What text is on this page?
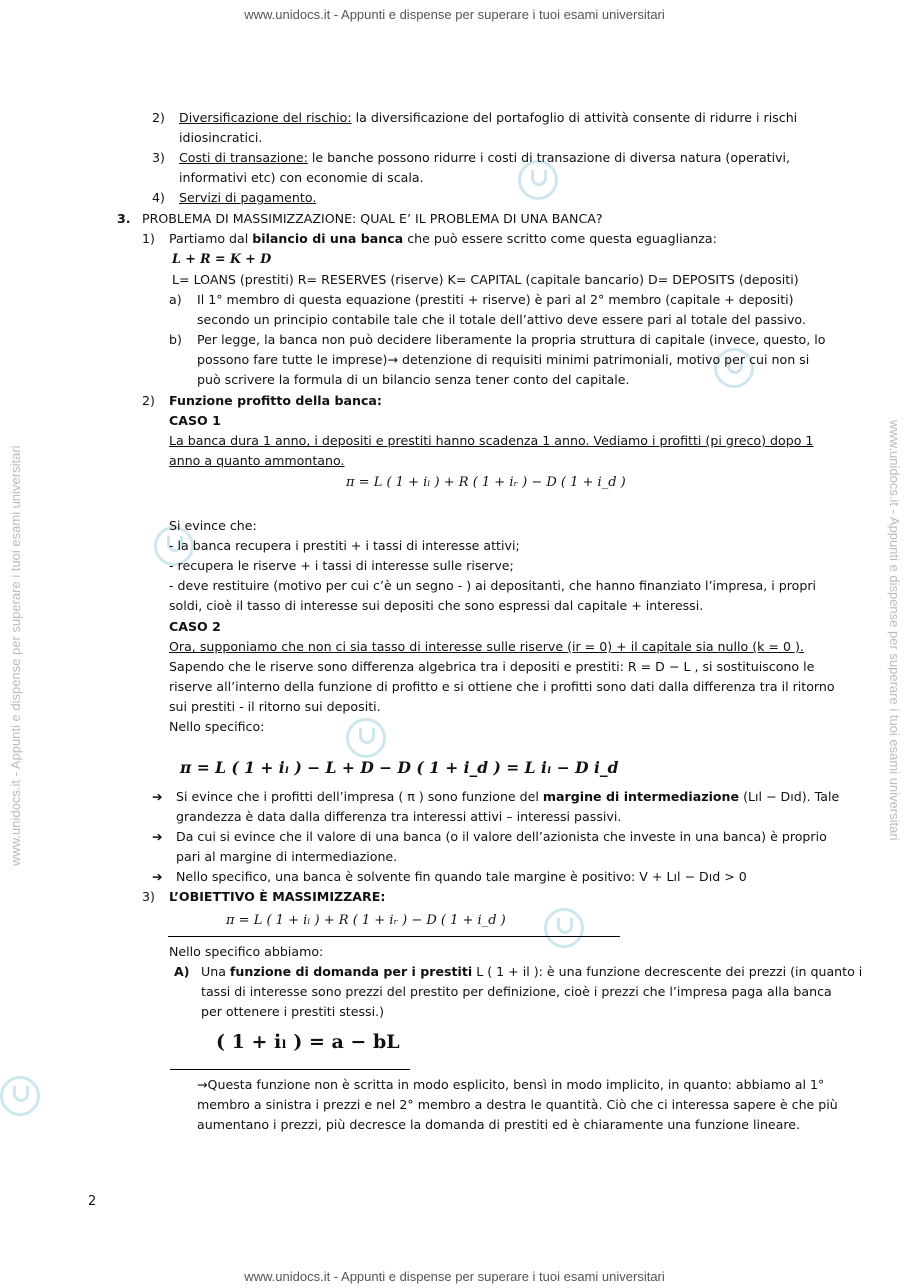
www.unidocs.it - Appunti e dispense per superare i tuoi esami universitari
www.unidocs.it - Appunti e dispense per superare i tuoi esami universitari
www.unidocs.it - Appunti e dispense per superare i tuoi esami universitari	www.unidocs.it - Appunti e dispense per superare i tuoi esami universitari
2) Diversificazione del rischio: la diversificazione del portafoglio di attività consente di ridurre i rischi
idiosincratici.
3) Costi di transazione: le banche possono ridurre i costi di transazione di diversa natura (operativi,
informativi etc) con economie di scala.
4) Servizi di pagamento.
3. PROBLEMA DI MASSIMIZZAZIONE: QUAL E’ IL PROBLEMA DI UNA BANCA?
1) Partiamo dal bilancio di una banca che può essere scritto come questa eguaglianza:
L + R = K + D
L= LOANS (prestiti) R= RESERVES (riserve) K= CAPITAL (capitale bancario) D= DEPOSITS (depositi)
a) Il 1° membro di questa equazione (prestiti + riserve) è pari al 2° membro (capitale + depositi)
secondo un principio contabile tale che il totale dell’attivo deve essere pari al totale del passivo.
b) Per legge, la banca non può decidere liberamente la propria struttura di capitale (invece, questo, lo
possono fare tutte le imprese)→ detenzione di requisiti minimi patrimoniali, motivo per cui non si
può scrivere la formula di un bilancio senza tener conto del capitale.
2) Funzione profitto della banca:
CASO 1
La banca dura 1 anno, i depositi e prestiti hanno scadenza 1 anno. Vediamo i profitti (pi greco) dopo 1
anno a quanto ammontano.
π = L ( 1 + iₗ ) + R ( 1 + iᵣ ) − D ( 1 + i_d )
Si evince che:
- la banca recupera i prestiti + i tassi di interesse attivi;
- recupera le riserve + i tassi di interesse sulle riserve;
- deve restituire (motivo per cui c’è un segno - ) ai depositanti, che hanno finanziato l’impresa, i propri
soldi, cioè il tasso di interesse sui depositi che sono espressi dal capitale + interessi.
CASO 2
Ora, supponiamo che non ci sia tasso di interesse sulle riserve (ir = 0) + il capitale sia nullo (k = 0 ).
Sapendo che le riserve sono differenza algebrica tra i depositi e prestiti: R = D − L , si sostituiscono le
riserve all’interno della funzione di profitto e si ottiene che i profitti sono dati dalla differenza tra il ritorno
sui prestiti - il ritorno sui depositi.
Nello specifico:
π = L ( 1 + iₗ ) − L + D − D ( 1 + i_d ) = L iₗ − D i_d
➔ Si evince che i profitti dell’impresa ( π ) sono funzione del margine di intermediazione (Lıl − Dıd). Tale
grandezza è data dalla differenza tra interessi attivi – interessi passivi.
➔ Da cui si evince che il valore di una banca (o il valore dell’azionista che investe in una banca) è proprio
pari al margine di intermediazione.
➔ Nello specifico, una banca è solvente fin quando tale margine è positivo: V + Lıl − Dıd > 0
3) L’OBIETTIVO È MASSIMIZZARE:
π = L ( 1 + iₗ ) + R ( 1 + iᵣ ) − D ( 1 + i_d )
Nello specifico abbiamo:
A) Una funzione di domanda per i prestiti L ( 1 + il ): è una funzione decrescente dei prezzi (in quanto i
tassi di interesse sono prezzi del prestito per definizione, cioè i prezzi che l’impresa paga alla banca
per ottenere i prestiti stessi.)
( 1 + iₗ ) = a − bL
→Questa funzione non è scritta in modo esplicito, bensì in modo implicito, in quanto: abbiamo al 1°
membro a sinistra i prezzi e nel 2° membro a destra le quantità. Ciò che ci interessa sapere è che più
aumentano i prezzi, più decresce la domanda di prestiti ed è chiaramente una funzione lineare.
2
